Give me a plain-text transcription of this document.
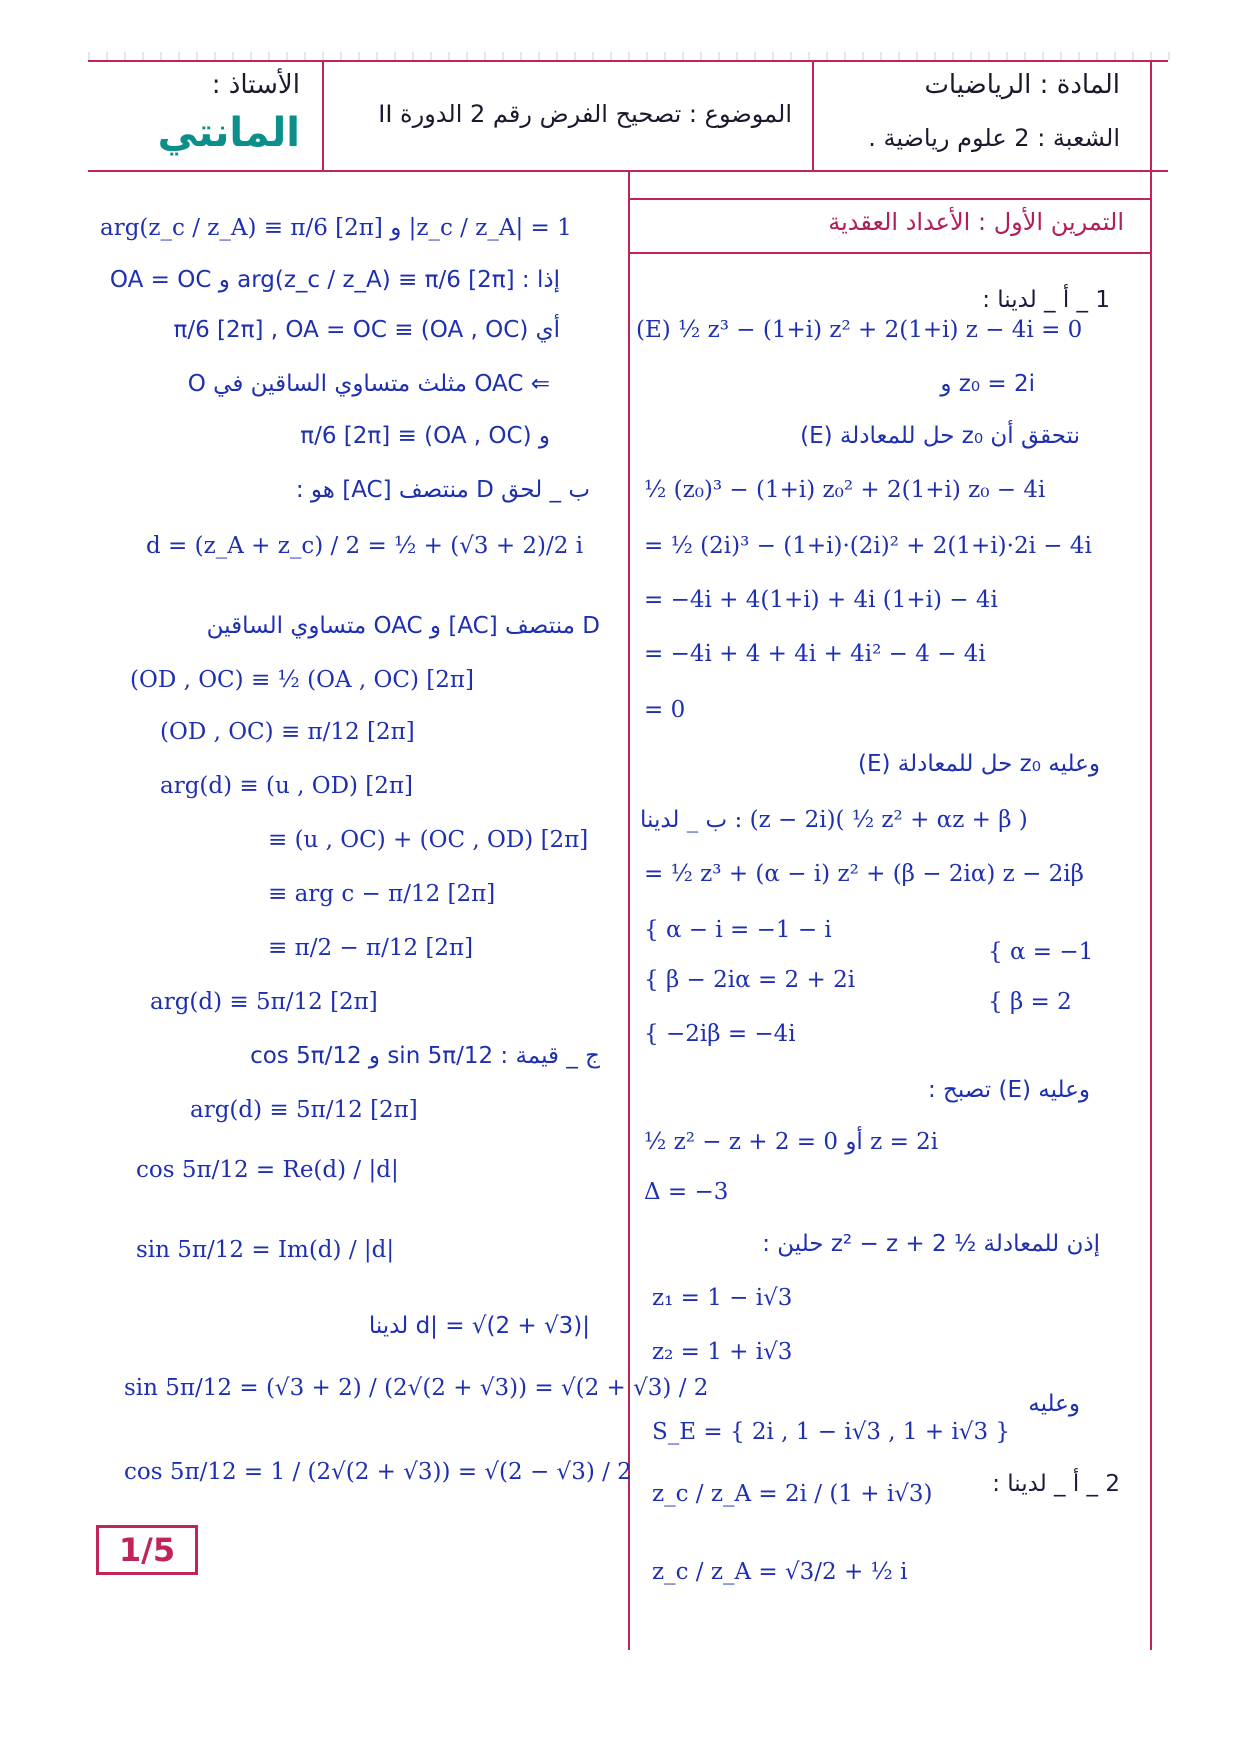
الأستاذ :
المانتي	الموضوع : تصحيح الفرض رقم 2 الدورة II
المادة : الرياضيات
الشعبة : 2 علوم رياضية .
التمرين الأول : الأعداد العقدية
1 _ أ _ لدينا :
(E) ½ z³ − (1+i) z² + 2(1+i) z − 4i = 0
z₀ = 2i و
نتحقق أن z₀ حل للمعادلة (E)
½ (z₀)³ − (1+i) z₀² + 2(1+i) z₀ − 4i
= ½ (2i)³ − (1+i)·(2i)² + 2(1+i)·2i − 4i
= −4i + 4(1+i) + 4i (1+i) − 4i
= −4i + 4 + 4i + 4i² − 4 − 4i
= 0
وعليه z₀ حل للمعادلة (E)
ب _ لدينا : (z − 2i)( ½ z² + αz + β )
= ½ z³ + (α − i) z² + (β − 2iα) z − 2iβ
{ α − i = −1 − i
{ β − 2iα = 2 + 2i
{ −2iβ = −4i
{ α = −1
{ β = 2
وعليه (E) تصبح :
½ z² − z + 2 = 0 أو z = 2i
Δ = −3
إذن للمعادلة ½ z² − z + 2 حلين :
z₁ = 1 − i√3
z₂ = 1 + i√3
وعليه
S_E = { 2i , 1 − i√3 , 1 + i√3 }
2 _ أ _ لدينا :
z_c / z_A = 2i / (1 + i√3)
z_c / z_A = √3/2 + ½ i
arg(z_c / z_A) ≡ π/6 [2π] و |z_c / z_A| = 1
إذا : arg(z_c / z_A) ≡ π/6 [2π] و OA = OC
أي (OA , OC) ≡ π/6 [2π] , OA = OC
⇐ OAC مثلث متساوي الساقين في O
و (OA , OC) ≡ π/6 [2π]
ب _ لحق D منتصف [AC] هو :
d = (z_A + z_c) / 2 = ½ + (√3 + 2)/2 i
D منتصف [AC] و OAC متساوي الساقين
(OD , OC) ≡ ½ (OA , OC) [2π]
(OD , OC) ≡ π/12 [2π]
arg(d) ≡ (u , OD) [2π]
≡ (u , OC) + (OC , OD) [2π]
≡ arg c − π/12 [2π]
≡ π/2 − π/12 [2π]
arg(d) ≡ 5π/12 [2π]
ج _ قيمة : sin 5π/12 و cos 5π/12
arg(d) ≡ 5π/12 [2π]
cos 5π/12 = Re(d) / |d|
sin 5π/12 = Im(d) / |d|
|d| = √(2 + √3) لدينا
sin 5π/12 = (√3 + 2) / (2√(2 + √3)) = √(2 + √3) / 2
cos 5π/12 = 1 / (2√(2 + √3)) = √(2 − √3) / 2
1/5
